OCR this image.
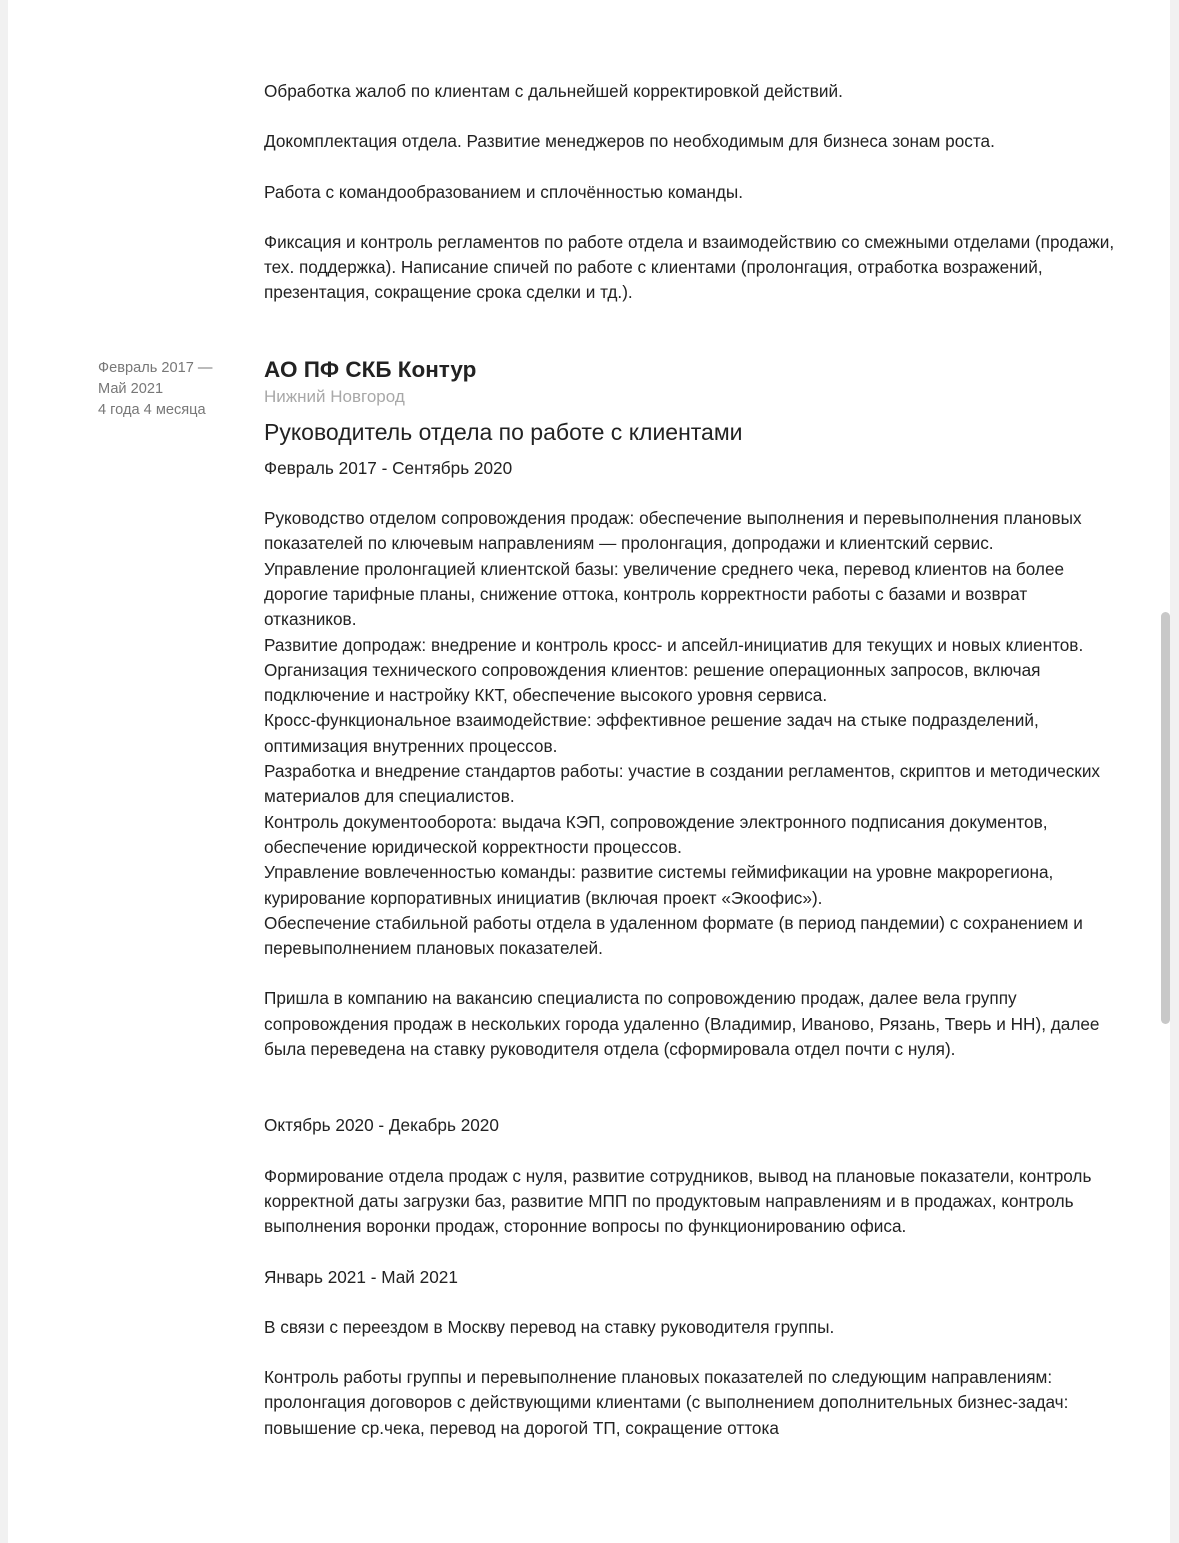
Обработка жалоб по клиентам с дальнейшей корректировкой действий.

Докомплектация отдела. Развитие менеджеров по необходимым для бизнеса зонам роста.

Работа с командообразованием и сплочённостью команды.

Фиксация и контроль регламентов по работе отдела и взаимодействию со смежными отделами (продажи, тех. поддержка). Написание спичей по работе с клиентами (пролонгация, отработка возражений, презентация, сокращение срока сделки и тд.).

АО ПФ СКБ Контур
Нижний Новгород
Руководитель отдела по работе с клиентами

Февраль 2017 - Сентябрь 2020

Руководство отделом сопровождения продаж: обеспечение выполнения и перевыполнения плановых показателей по ключевым направлениям — пролонгация, допродажи и клиентский сервис.

Управление пролонгацией клиентской базы: увеличение среднего чека, перевод клиентов на более дорогие тарифные планы, снижение оттока, контроль корректности работы с базами и возврат отказников.

Развитие допродаж: внедрение и контроль кросс- и апсейл-инициатив для текущих и новых клиентов.

Организация технического сопровождения клиентов: решение операционных запросов, включая подключение и настройку ККТ, обеспечение высокого уровня сервиса.

Кросс-функциональное взаимодействие: эффективное решение задач на стыке подразделений, оптимизация внутренних процессов.

Разработка и внедрение стандартов работы: участие в создании регламентов, скриптов и методических материалов для специалистов.

Контроль документооборота: выдача КЭП, сопровождение электронного подписания документов, обеспечение юридической корректности процессов.

Управление вовлеченностью команды: развитие системы геймификации на уровне макрорегиона, курирование корпоративных инициатив (включая проект «Экоофис»).

Обеспечение стабильной работы отдела в удаленном формате (в период пандемии) с сохранением и перевыполнением плановых показателей.

Пришла в компанию на вакансию специалиста по сопровождению продаж, далее вела группу сопровождения продаж в нескольких города удаленно (Владимир, Иваново, Рязань, Тверь и НН), далее была переведена на ставку руководителя отдела (сформировала отдел почти с нуля).

Октябрь 2020 - Декабрь 2020

Формирование отдела продаж с нуля, развитие сотрудников, вывод на плановые показатели, контроль корректной даты загрузки баз, развитие МПП по продуктовым направлениям и в продажах, контроль выполнения воронки продаж, сторонние вопросы по функционированию офиса.

Январь 2021 - Май 2021

В связи с переездом в Москву перевод на ставку руководителя группы.

Контроль работы группы и перевыполнение плановых показателей по следующим направлениям: пролонгация договоров с действующими клиентами (с выполнением дополнительных бизнес-задач: повышение ср.чека, перевод на дорогой ТП, сокращение оттока

Февраль 2017 —
Май 2021
4 года 4 месяца
